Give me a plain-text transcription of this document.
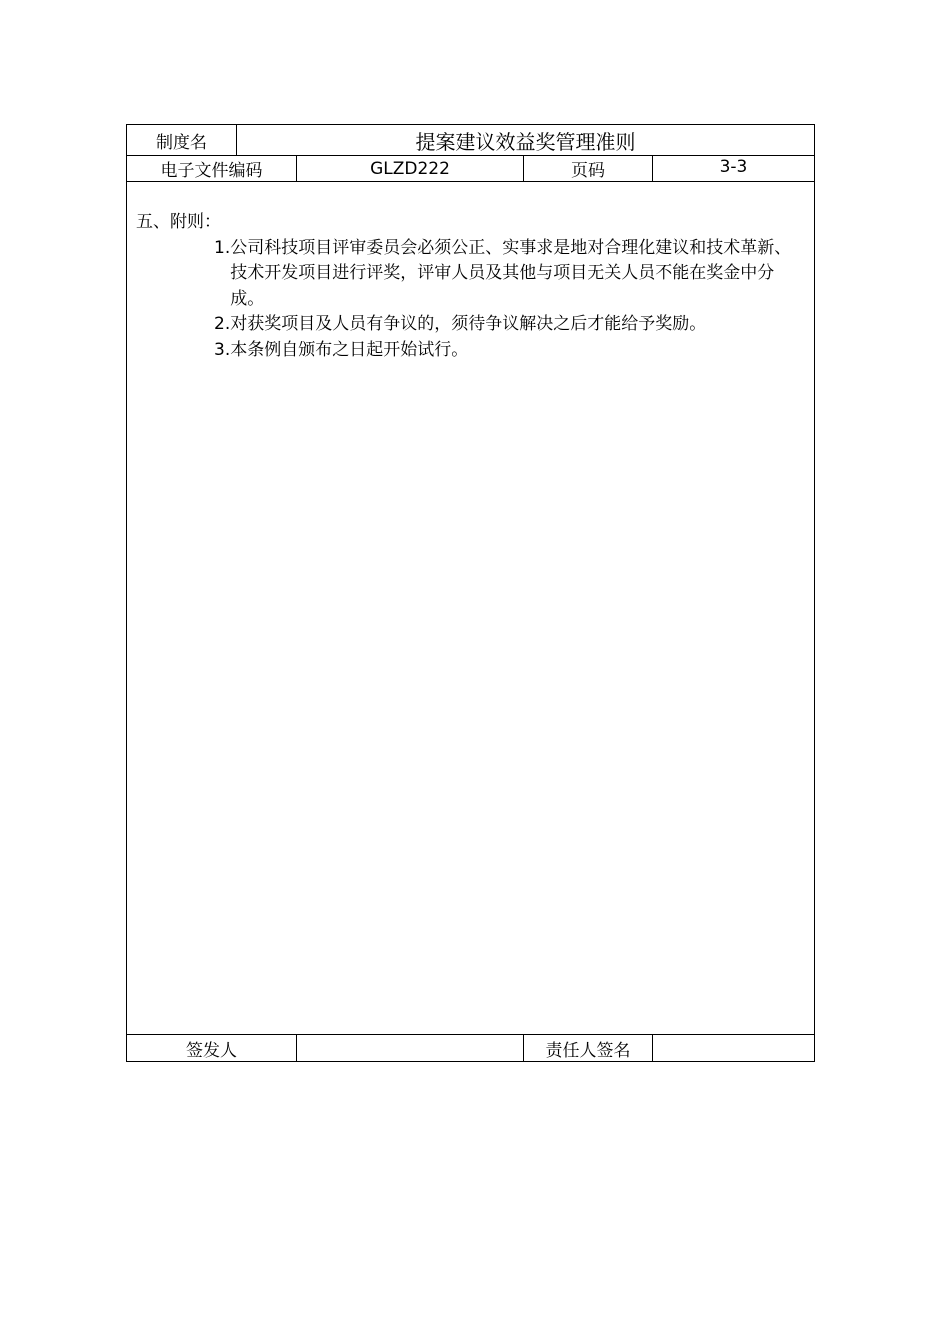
制度名	提案建议效益奖管理准则
电子文件编码	GLZD222	页码	3-3

五、附则：

1. 公司科技项目评审委员会必须公正、实事求是地对合理化建议和技术革新、技术开发项目进行评奖，评审人员及其他与项目无关人员不能在奖金中分成。
2. 对获奖项目及人员有争议的，须待争议解决之后才能给予奖励。
3. 本条例自颁布之日起开始试行。
签发人	责任人签名
